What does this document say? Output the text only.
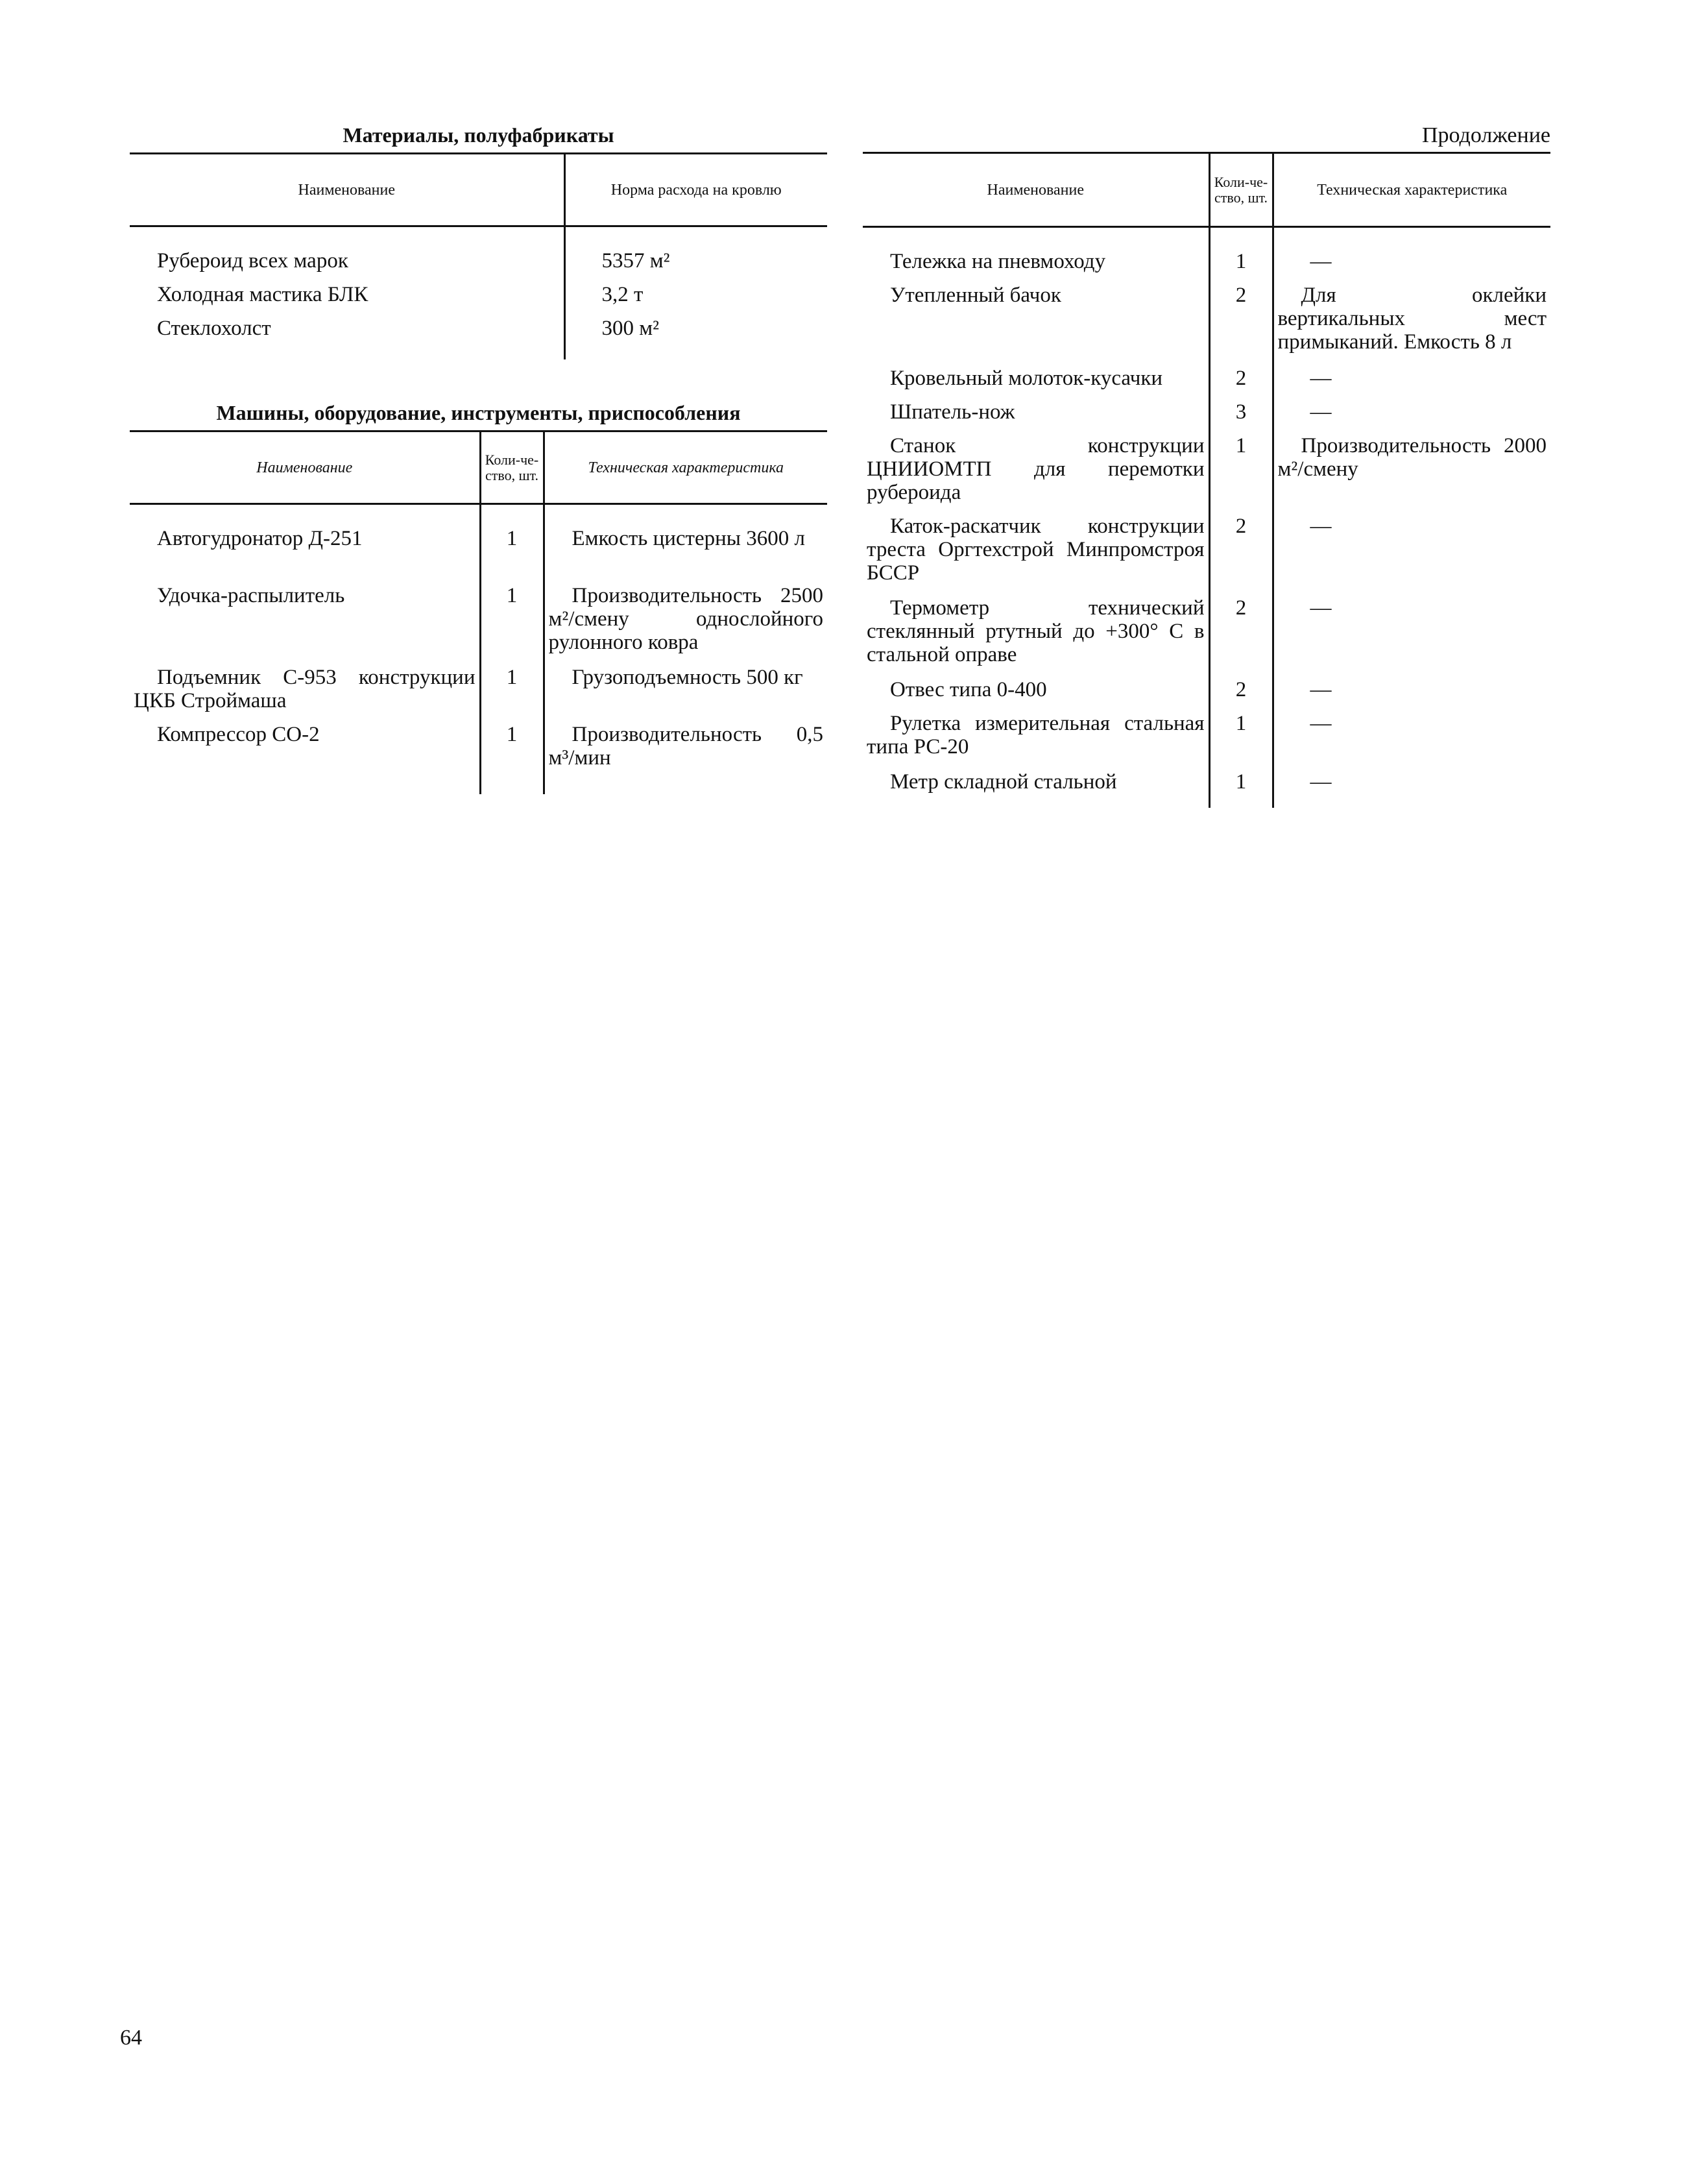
Материалы, полуфабрикаты
Наименование	Норма расхода на кровлю

Рубероид всех марок	5357 м²
Холодная мастика БЛК	3,2 т
Стеклохолст	300 м²

Машины, оборудование, инструменты, приспособления
Наименование	Коли-че-ство, шт.	Техническая характеристика

Автогудронатор Д-251	1	Емкость цистерны 3600 л
Удочка-распылитель	1	Производительность 2500 м²/смену однослойного рулонного ковра
Подъемник С-953 конструкции ЦКБ Строймаша	1	Грузоподъемность 500 кг
Компрессор СО-2	1	Производительность 0,5 м³/мин
Продолжение
Наименование	Коли-че-ство, шт.	Техническая характеристика

Тележка на пневмоходу	1	—
Утепленный бачок	2	Для оклейки вертикальных мест примыканий. Емкость 8 л
Кровельный молоток-кусачки	2	—
Шпатель-нож	3	—
Станок конструкции ЦНИИОМТП для перемотки рубероида	1	Производительность 2000 м²/смену
Каток-раскатчик конструкции треста Оргтехстрой Минпромстроя БССР	2	—
Термометр технический стеклянный ртутный до +300° С в стальной оправе	2	—
Отвес типа 0-400	2	—
Рулетка измерительная стальная типа РС-20	1	—
Метр складной стальной	1	—
64
